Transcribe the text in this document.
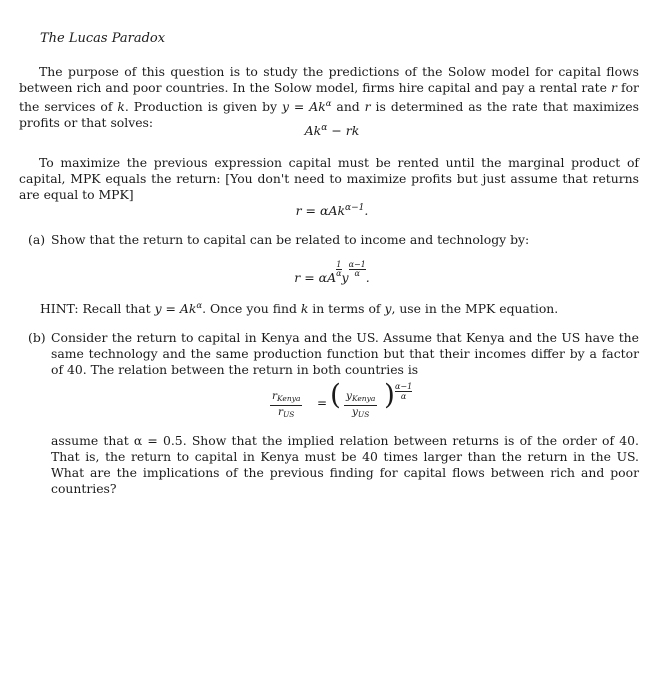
The Lucas Paradox
The purpose of this question is to study the predictions of the Solow model for capital flows between rich and poor countries. In the Solow model, firms hire capital and pay a rental rate r for the services of k. Production is given by $y = Ak^\alpha$ and r is determined as the rate that maximizes profits or that solves:
$Ak^\alpha$ − rk
To maximize the previous expression capital must be rented until the marginal product of capital, MPK equals the return: [You don't need to maximize profits but just assume that returns are equal to MPK]
r = αAk$^{\alpha-1}$.
(a) Show that the return to capital can be related to income and technology by:
r = αA $\frac{1}{\alpha}y \frac{\alpha-1}{\alpha}$.
HINT: Recall that $y = Ak^\alpha$. Once you find k in terms of y, use in the MPK equation.
(b) Consider the return to capital in Kenya and the US. Assume that Kenya and the US have the same technology and the same production function but that their incomes differ by a factor of 40. The relation between the return in both countries is
$r_{Kenya}$
$r_{US}$
= ( $y_{Kenya}$
$y_{US}$
) α−1
α
assume that α = 0.5. Show that the implied relation between returns is of the order of 40. That is, the return to capital in Kenya must be 40 times larger than the return in the US. What are the implications of the previous finding for capital flows between rich and poor countries?
